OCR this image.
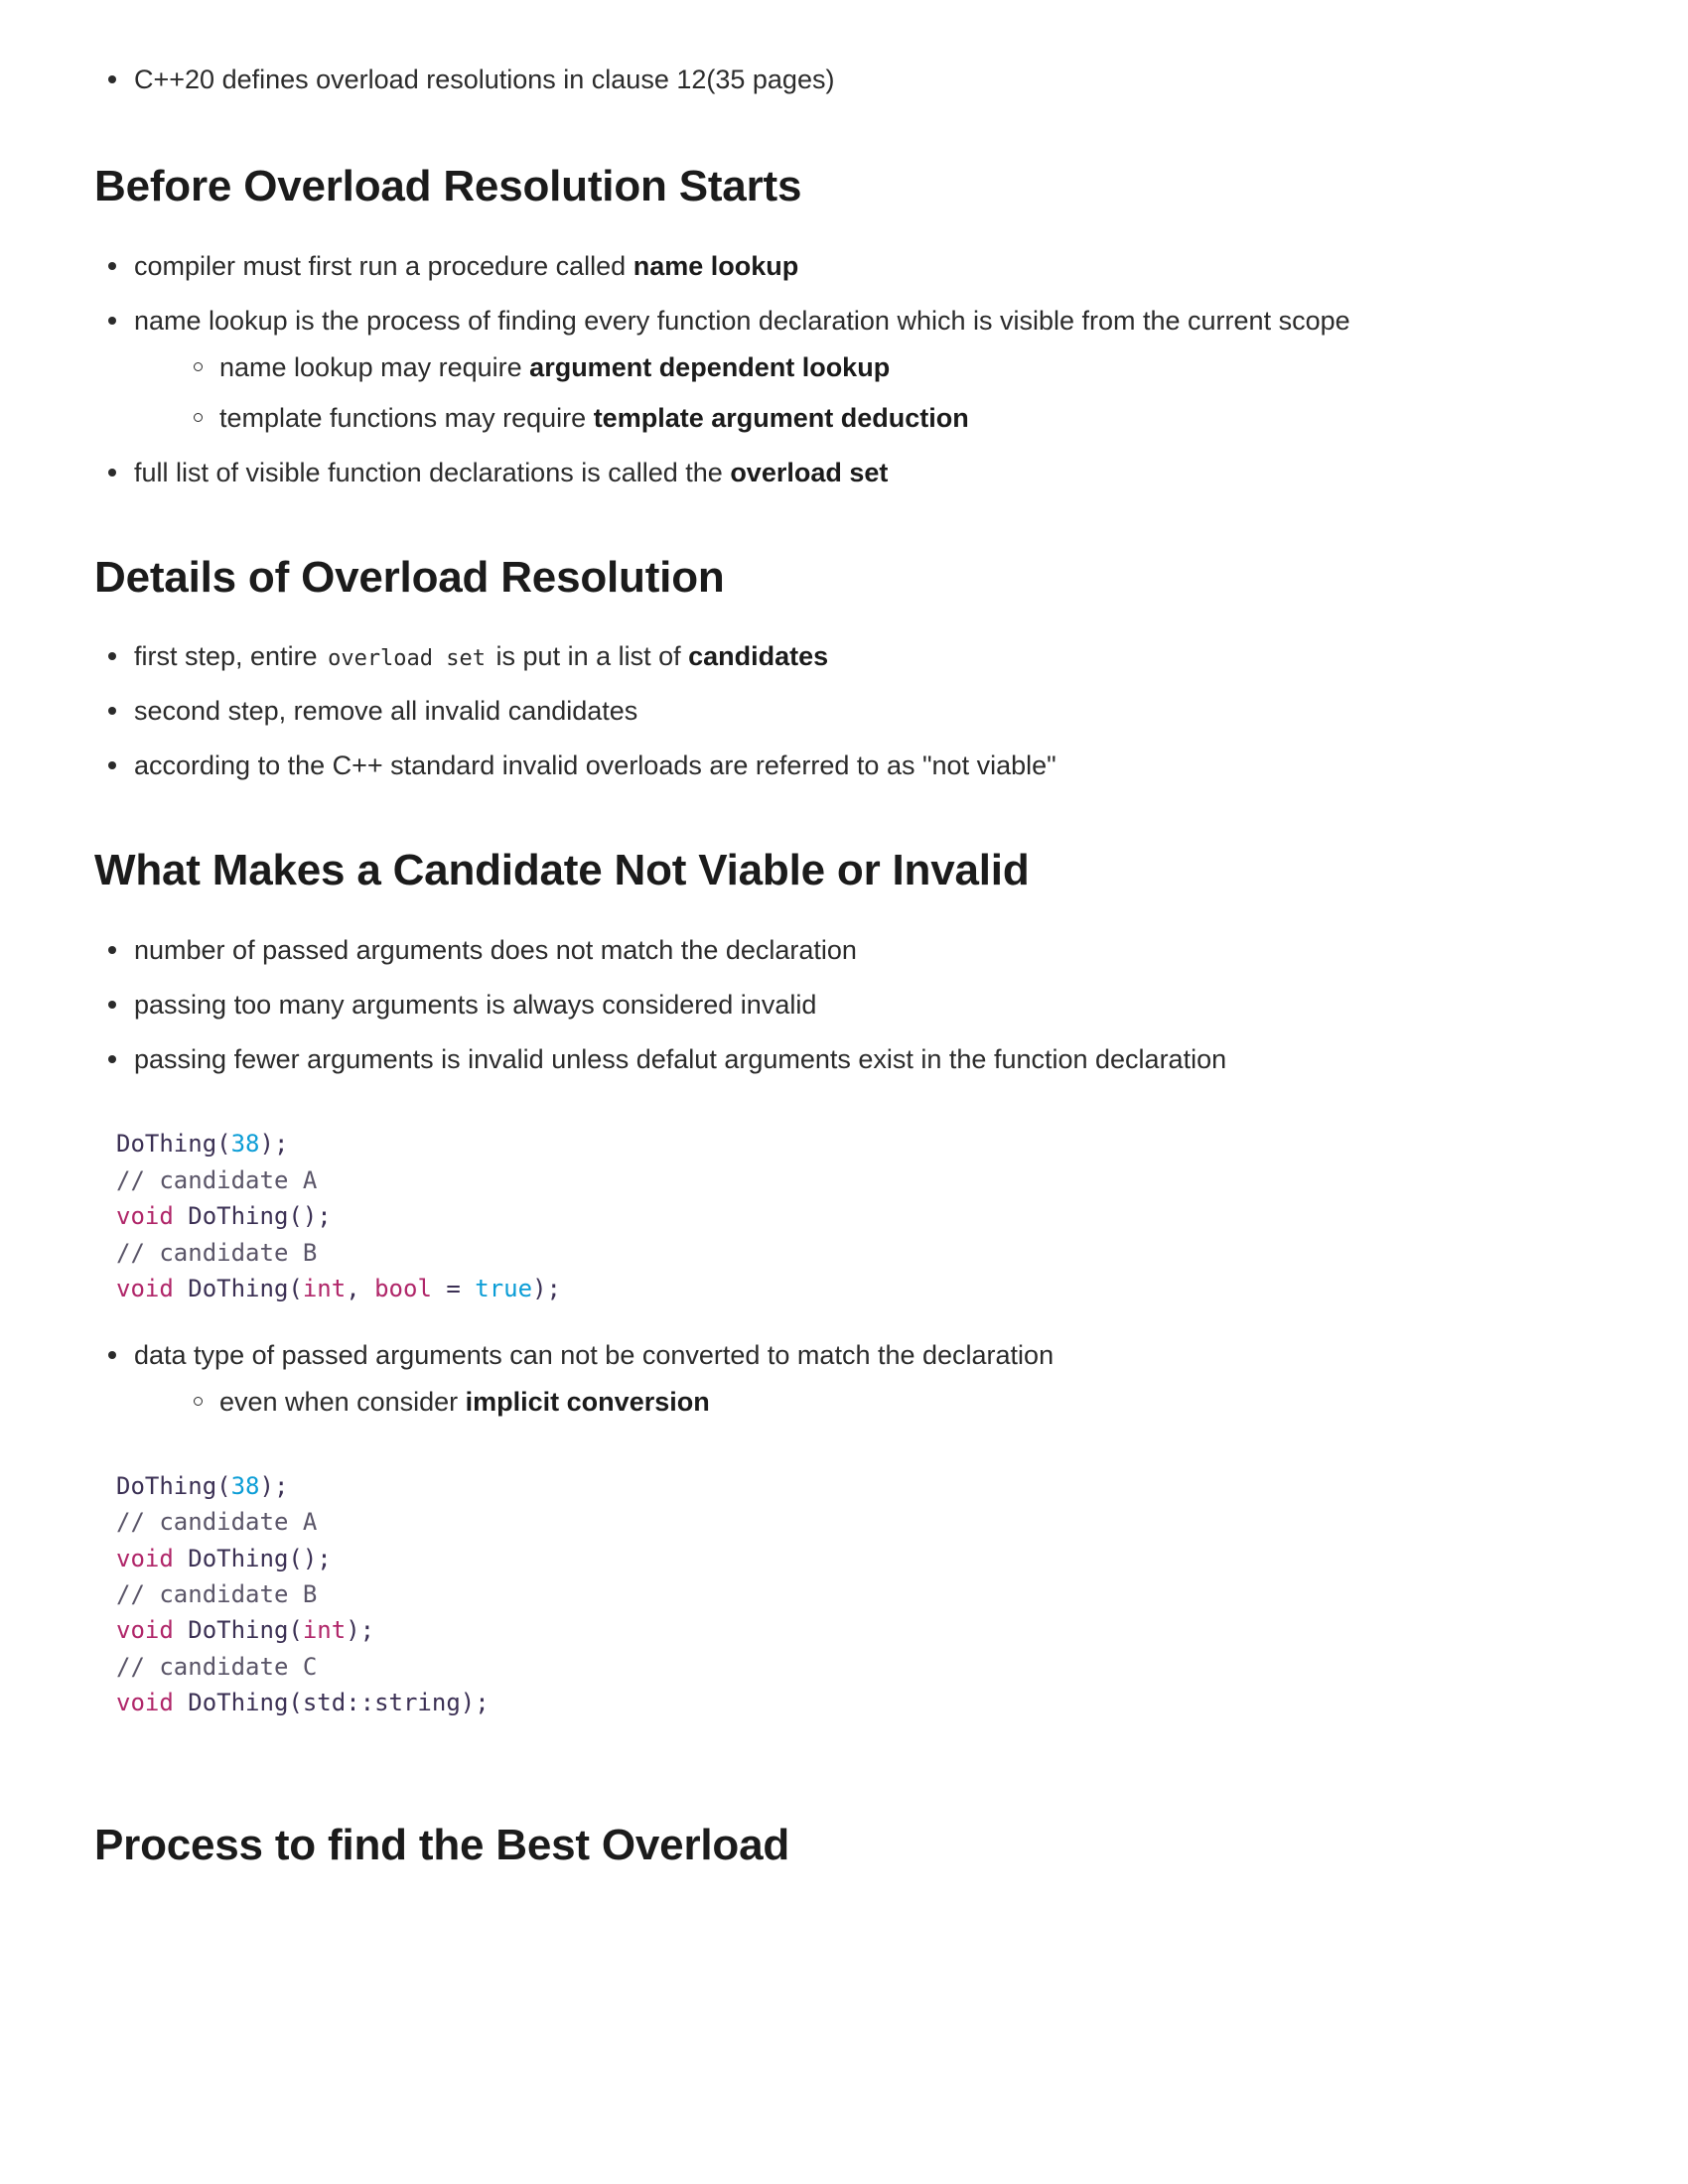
C++20 defines overload resolutions in clause 12(35 pages)
Before Overload Resolution Starts
compiler must first run a procedure called name lookup
name lookup is the process of finding every function declaration which is visible from the current scope
name lookup may require argument dependent lookup
template functions may require template argument deduction
full list of visible function declarations is called the overload set
Details of Overload Resolution
first step, entire overload set is put in a list of candidates
second step, remove all invalid candidates
according to the C++ standard invalid overloads are referred to as "not viable"
What Makes a Candidate Not Viable or Invalid
number of passed arguments does not match the declaration
passing too many arguments is always considered invalid
passing fewer arguments is invalid unless defalut arguments exist in the function declaration
DoThing(38);
// candidate A
void DoThing();
// candidate B
void DoThing(int, bool = true);
data type of passed arguments can not be converted to match the declaration
even when consider implicit conversion
DoThing(38);
// candidate A
void DoThing();
// candidate B
void DoThing(int);
// candidate C
void DoThing(std::string);
Process to find the Best Overload
